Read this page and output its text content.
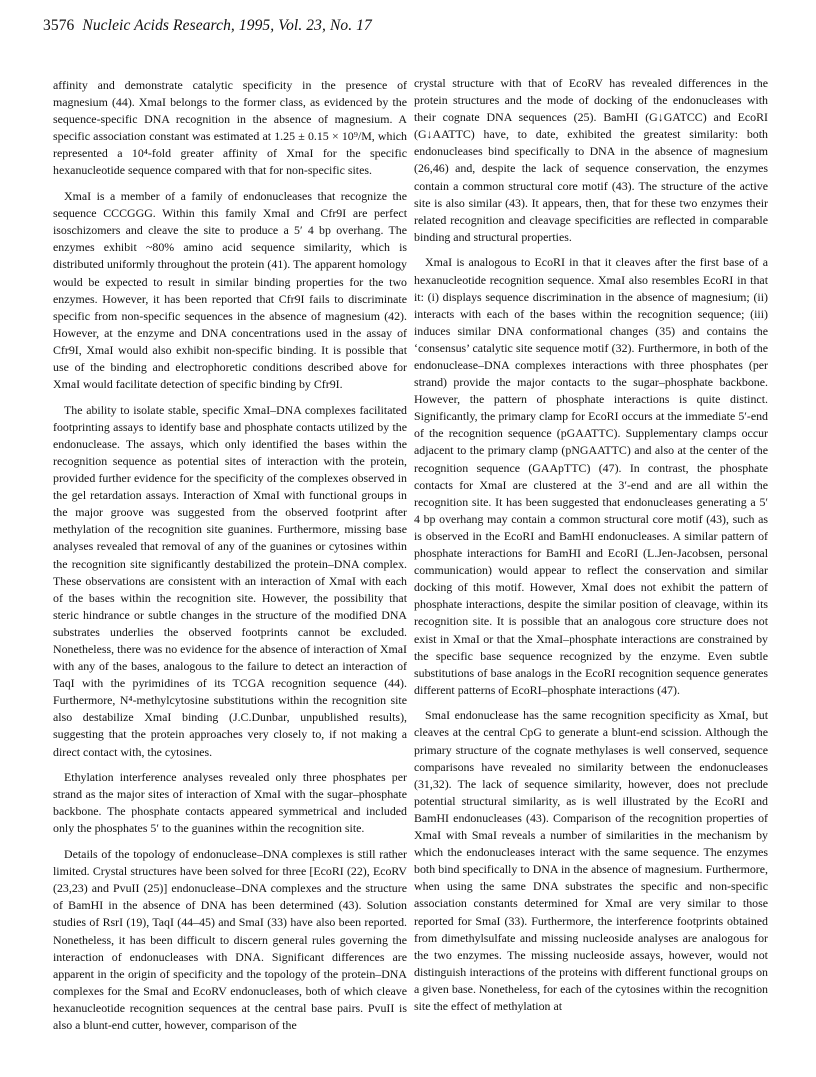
3576 Nucleic Acids Research, 1995, Vol. 23, No. 17

affinity and demonstrate catalytic specificity in the presence of magnesium (44). XmaI belongs to the former class, as evidenced by the sequence-specific DNA recognition in the absence of magnesium. A specific association constant was estimated at 1.25 ± 0.15 × 10⁹/M, which represented a 10⁴-fold greater affinity of XmaI for the specific hexanucleotide sequence compared with that for non-specific sites.

XmaI is a member of a family of endonucleases that recognize the sequence CCCGGG. Within this family XmaI and Cfr9I are perfect isoschizomers and cleave the site to produce a 5′ 4 bp overhang. The enzymes exhibit ~80% amino acid sequence similarity, which is distributed uniformly throughout the protein (41). The apparent homology would be expected to result in similar binding properties for the two enzymes. However, it has been reported that Cfr9I fails to discriminate specific from non-specific sequences in the absence of magnesium (42). However, at the enzyme and DNA concentrations used in the assay of Cfr9I, XmaI would also exhibit non-specific binding. It is possible that use of the binding and electrophoretic conditions described above for XmaI would facilitate detection of specific binding by Cfr9I.

The ability to isolate stable, specific XmaI–DNA complexes facilitated footprinting assays to identify base and phosphate contacts utilized by the endonuclease. The assays, which only identified the bases within the recognition sequence as potential sites of interaction with the protein, provided further evidence for the specificity of the complexes observed in the gel retardation assays. Interaction of XmaI with functional groups in the major groove was suggested from the observed footprint after methylation of the recognition site guanines. Furthermore, missing base analyses revealed that removal of any of the guanines or cytosines within the recognition site significantly destabilized the protein–DNA complex. These observations are consistent with an interaction of XmaI with each of the bases within the recognition site. However, the possibility that steric hindrance or subtle changes in the structure of the modified DNA substrates underlies the observed footprints cannot be excluded. Nonetheless, there was no evidence for the absence of interaction of XmaI with any of the bases, analogous to the failure to detect an interaction of TaqI with the pyrimidines of its TCGA recognition sequence (44). Furthermore, N⁴-methylcytosine substitutions within the recognition site also destabilize XmaI binding (J.C.Dunbar, unpublished results), suggesting that the protein approaches very closely to, if not making a direct contact with, the cytosines.

Ethylation interference analyses revealed only three phosphates per strand as the major sites of interaction of XmaI with the sugar–phosphate backbone. The phosphate contacts appeared symmetrical and included only the phosphates 5′ to the guanines within the recognition site.

Details of the topology of endonuclease–DNA complexes is still rather limited. Crystal structures have been solved for three [EcoRI (22), EcoRV (23,23) and PvuII (25)] endonuclease–DNA complexes and the structure of BamHI in the absence of DNA has been determined (43). Solution studies of RsrI (19), TaqI (44–45) and SmaI (33) have also been reported. Nonetheless, it has been difficult to discern general rules governing the interaction of endonucleases with DNA. Significant differences are apparent in the origin of specificity and the topology of the protein–DNA complexes for the SmaI and EcoRV endonucleases, both of which cleave hexanucleotide recognition sequences at the central base pairs. PvuII is also a blunt-end cutter, however, comparison of the

crystal structure with that of EcoRV has revealed differences in the protein structures and the mode of docking of the endonucleases with their cognate DNA sequences (25). BamHI (G↓GATCC) and EcoRI (G↓AATTC) have, to date, exhibited the greatest similarity: both endonucleases bind specifically to DNA in the absence of magnesium (26,46) and, despite the lack of sequence conservation, the enzymes contain a common structural core motif (43). The structure of the active site is also similar (43). It appears, then, that for these two enzymes their related recognition and cleavage specificities are reflected in comparable binding and structural properties.

XmaI is analogous to EcoRI in that it cleaves after the first base of a hexanucleotide recognition sequence. XmaI also resembles EcoRI in that it: (i) displays sequence discrimination in the absence of magnesium; (ii) interacts with each of the bases within the recognition sequence; (iii) induces similar DNA conformational changes (35) and contains the ‘consensus’ catalytic site sequence motif (32). Furthermore, in both of the endonuclease–DNA complexes interactions with three phosphates (per strand) provide the major contacts to the sugar–phosphate backbone. However, the pattern of phosphate interactions is quite distinct. Significantly, the primary clamp for EcoRI occurs at the immediate 5′-end of the recognition sequence (pGAATTC). Supplementary clamps occur adjacent to the primary clamp (pNGAATTC) and also at the center of the recognition sequence (GAApTTC) (47). In contrast, the phosphate contacts for XmaI are clustered at the 3′-end and are all within the recognition site. It has been suggested that endonucleases generating a 5′ 4 bp overhang may contain a common structural core motif (43), such as is observed in the EcoRI and BamHI endonucleases. A similar pattern of phosphate interactions for BamHI and EcoRI (L.Jen-Jacobsen, personal communication) would appear to reflect the conservation and similar docking of this motif. However, XmaI does not exhibit the pattern of phosphate interactions, despite the similar position of cleavage, within its recognition site. It is possible that an analogous core structure does not exist in XmaI or that the XmaI–phosphate interactions are constrained by the specific base sequence recognized by the enzyme. Even subtle substitutions of base analogs in the EcoRI recognition sequence generates different patterns of EcoRI–phosphate interactions (47).

SmaI endonuclease has the same recognition specificity as XmaI, but cleaves at the central CpG to generate a blunt-end scission. Although the primary structure of the cognate methylases is well conserved, sequence comparisons have revealed no similarity between the endonucleases (31,32). The lack of sequence similarity, however, does not preclude potential structural similarity, as is well illustrated by the EcoRI and BamHI endonucleases (43). Comparison of the recognition properties of XmaI with SmaI reveals a number of similarities in the mechanism by which the endonucleases interact with the same sequence. The enzymes both bind specifically to DNA in the absence of magnesium. Furthermore, when using the same DNA substrates the specific and non-specific association constants determined for XmaI are very similar to those reported for SmaI (33). Furthermore, the interference footprints obtained from dimethylsulfate and missing nucleoside analyses are analogous for the two enzymes. The missing nucleoside assays, however, would not distinguish interactions of the proteins with different functional groups on a given base. Nonetheless, for each of the cytosines within the recognition site the effect of methylation at
